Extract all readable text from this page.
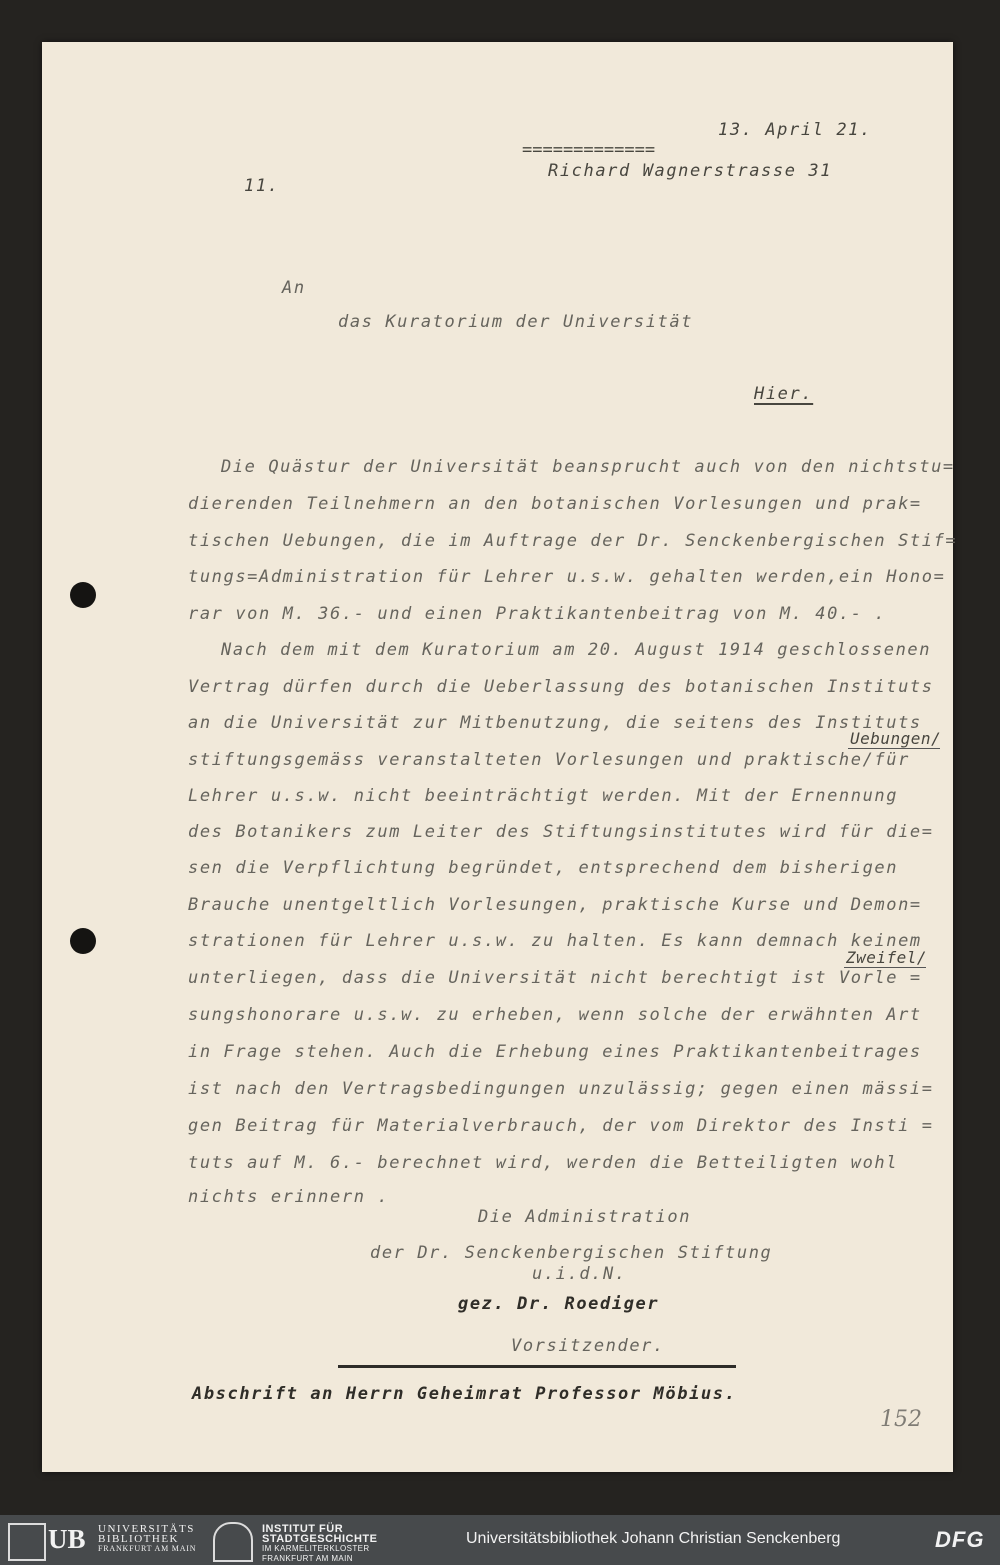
13. April 21.
=============
Richard Wagnerstrasse 31
11.
An
das Kuratorium der Universität
Hier.
Die Quästur der Universität beansprucht auch von den nichtstu=
dierenden Teilnehmern an den botanischen Vorlesungen und prak=
tischen Uebungen, die im Auftrage der Dr. Senckenbergischen Stif=
tungs=Administration für Lehrer u.s.w. gehalten werden,ein Hono=
rar von M. 36.- und einen Praktikantenbeitrag von M. 40.- .
Nach dem mit dem Kuratorium am 20. August 1914 geschlossenen
Vertrag dürfen durch die Ueberlassung des botanischen Instituts
an die Universität zur Mitbenutzung, die seitens des Instituts
Uebungen/
stiftungsgemäss veranstalteten Vorlesungen und praktische/für
Lehrer u.s.w. nicht beeinträchtigt werden. Mit der Ernennung
des Botanikers zum Leiter des Stiftungsinstitutes wird für die=
sen die Verpflichtung begründet, entsprechend dem bisherigen
Brauche unentgeltlich Vorlesungen, praktische Kurse und Demon=
strationen für Lehrer u.s.w. zu halten. Es kann demnach keinem
Zweifel/
unterliegen, dass die Universität nicht berechtigt ist Vorle =
sungshonorare u.s.w. zu erheben, wenn solche der erwähnten Art
in Frage stehen. Auch die Erhebung eines Praktikantenbeitrages
ist nach den Vertragsbedingungen unzulässig; gegen einen mässi=
gen Beitrag für Materialverbrauch, der vom Direktor des Insti =
tuts auf M. 6.- berechnet wird, werden die Betteiligten wohl
nichts erinnern .
Die Administration
der Dr. Senckenbergischen Stiftung
u.i.d.N.
gez. Dr. Roediger
Vorsitzender.
Abschrift an Herrn Geheimrat Professor Möbius.
152
UB UNIVERSITÄTS
BIBLIOTHEK
FRANKFURT AM MAIN
INSTITUT FÜR
STADTGESCHICHTE
IM KARMELITERKLOSTER
FRANKFURT AM MAIN
Universitätsbibliothek Johann Christian Senckenberg	DFG
